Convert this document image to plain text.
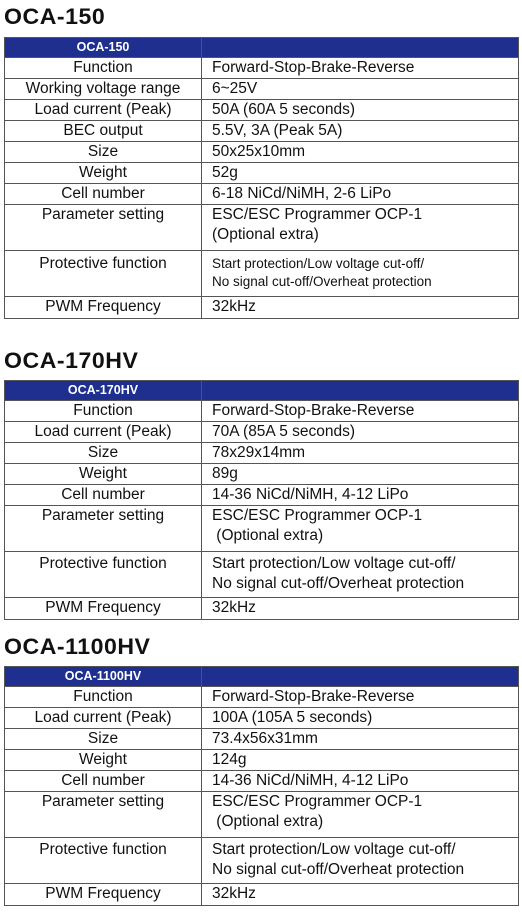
OCA-150
OCA-150	
Function	Forward-Stop-Brake-Reverse
Working voltage range	6~25V
Load current (Peak)	50A (60A 5 seconds)
BEC output	5.5V, 3A (Peak 5A)
Size	50x25x10mm
Weight	52g
Cell number	6-18 NiCd/NiMH, 2-6 LiPo
Parameter setting	ESC/ESC Programmer OCP-1
(Optional extra)

Protective function	Start protection/Low voltage cut-off/
No signal cut-off/Overheat protection

PWM Frequency	32kHz
OCA-170HV
OCA-170HV	
Function	Forward-Stop-Brake-Reverse
Load current (Peak)	70A (85A 5 seconds)
Size	78x29x14mm
Weight	89g
Cell number	14-36 NiCd/NiMH, 4-12 LiPo
Parameter setting	ESC/ESC Programmer OCP-1
(Optional extra)

Protective function	Start protection/Low voltage cut-off/
No signal cut-off/Overheat protection

PWM Frequency	32kHz
OCA-1100HV
OCA-1100HV	
Function	Forward-Stop-Brake-Reverse
Load current (Peak)	100A (105A 5 seconds)
Size	73.4x56x31mm
Weight	124g
Cell number	14-36 NiCd/NiMH, 4-12 LiPo
Parameter setting	ESC/ESC Programmer OCP-1
(Optional extra)

Protective function	Start protection/Low voltage cut-off/
No signal cut-off/Overheat protection

PWM Frequency	32kHz
